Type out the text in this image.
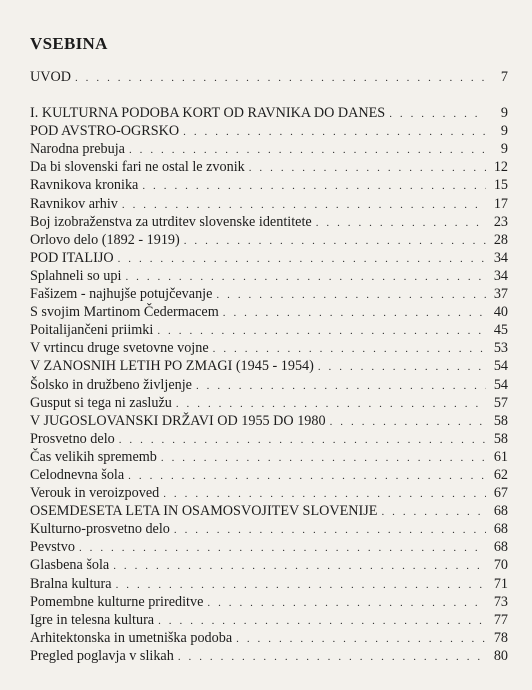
VSEBINA
UVOD . . .	7
I. KULTURNA PODOBA KORT OD RAVNIKA DO DANES . . .	9
POD AVSTRO-OGRSKO . . .	9
Narodna prebuja . . .	9
Da bi slovenski fari ne ostal le zvonik . . .	12
Ravnikova kronika . . .	15
Ravnikov arhiv . . .	17
Boj izobraženstva za utrditev slovenske identitete . . .	23
Orlovo delo (1892 - 1919) . . .	28
POD ITALIJO . . .	34
Splahneli so upi . . .	34
Fašizem - najhujše potujčevanje . . .	37
S svojim Martinom Čedermacem . . .	40
Poitalijančeni priimki . . .	45
V vrtincu druge svetovne vojne . . .	53
V ZANOSNIH LETIH PO ZMAGI (1945 - 1954) . . .	54
Šolsko in družbeno življenje . . .	54
Gusput si tega ni zaslužu . . .	57
V JUGOSLOVANSKI DRŽAVI OD 1955 DO 1980 . . .	58
Prosvetno delo . . .	58
Čas velikih sprememb . . .	61
Celodnevna šola . . .	62
Verouk in veroizpoved . . .	67
OSEMDESETA LETA IN OSAMOSVOJITEV SLOVENIJE . . .	68
Kulturno-prosvetno delo . . .	68
Pevstvo . . .	68
Glasbena šola . . .	70
Bralna kultura . . .	71
Pomembne kulturne prireditve . . .	73
Igre in telesna kultura . . .	77
Arhitektonska in umetniška podoba . . .	78
Pregled poglavja v slikah . . .	80
